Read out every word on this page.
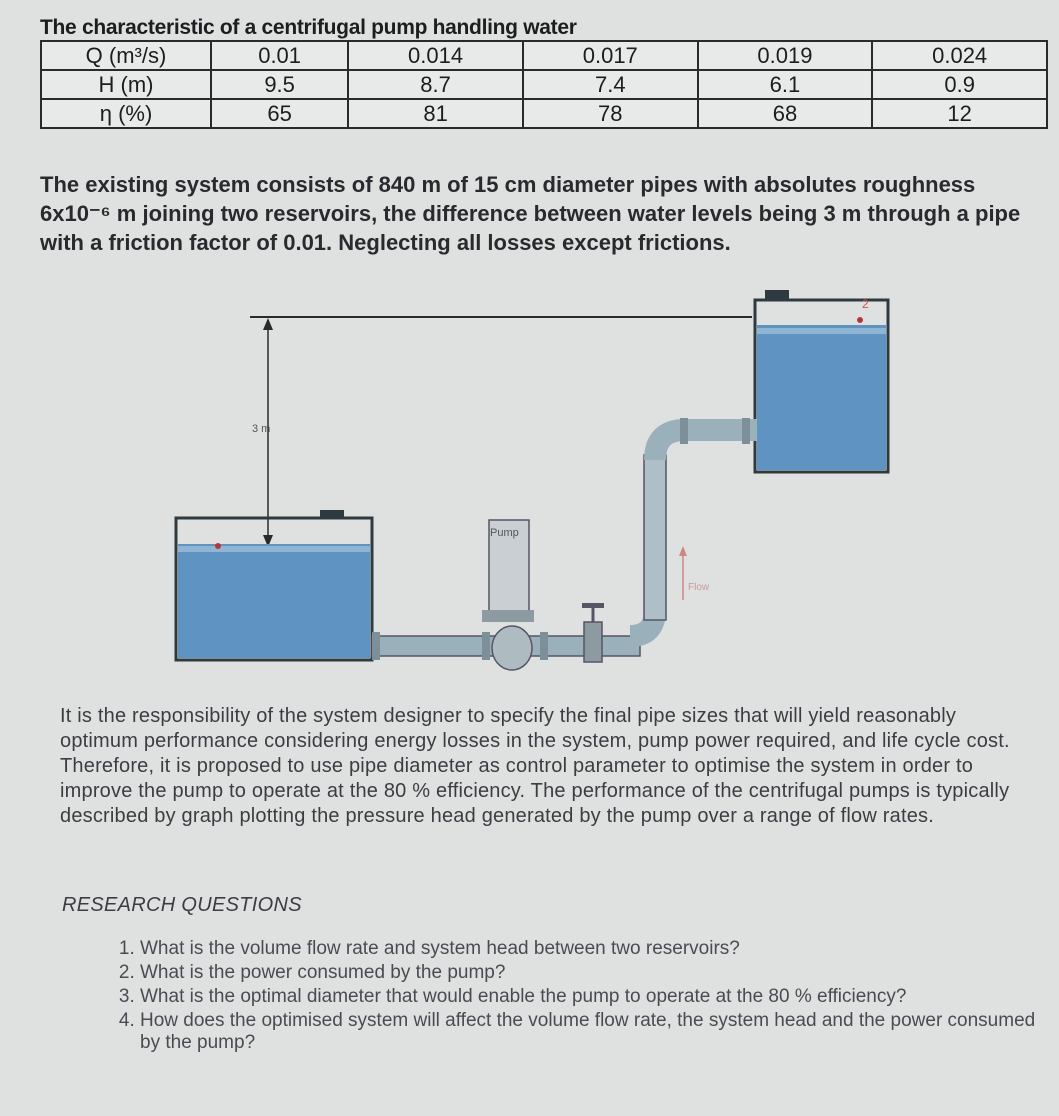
The characteristic of a centrifugal pump handling water
Q (m³/s)	0.01	0.014	0.017	0.019	0.024
H (m)	9.5	8.7	7.4	6.1	0.9
η (%)	65	81	78	68	12

The existing system consists of 840 m of 15 cm diameter pipes with absolutes roughness 6x10⁻⁶ m joining two reservoirs, the difference between water levels being 3 m through a pipe with a friction factor of 0.01. Neglecting all losses except frictions.

3 m
2
Pump
Flow

It is the responsibility of the system designer to specify the final pipe sizes that will yield reasonably optimum performance considering energy losses in the system, pump power required, and life cycle cost. Therefore, it is proposed to use pipe diameter as control parameter to optimise the system in order to improve the pump to operate at the 80 % efficiency. The performance of the centrifugal pumps is typically described by graph plotting the pressure head generated by the pump over a range of flow rates.

RESEARCH QUESTIONS
1. What is the volume flow rate and system head between two reservoirs?
2. What is the power consumed by the pump?
3. What is the optimal diameter that would enable the pump to operate at the 80 % efficiency?
4. How does the optimised system will affect the volume flow rate, the system head and the power consumed by the pump?
